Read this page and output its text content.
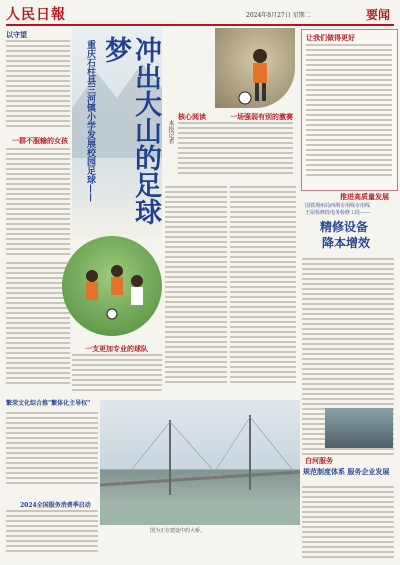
人民日報	2024年8月27日 星期二	要闻
以守望
一群不服输的女孩	冲出大山的足球梦
重庆石柱县三河镇小学发展校园足球——	本报记者
核心阅读	一场强弱有别的激赛
一支更加专业的球队
让我们做得更好
推进高质量发展
国铁荆州局西荆专用线专用线
王屋检修段电务检修工段——
精修设备
降本增效
繁荣文化综合推"繁体化主导权"
2024全国服务消费季启动
图为正在建设中的大桥。
白河服务
规范制度体系 服务企业发展
